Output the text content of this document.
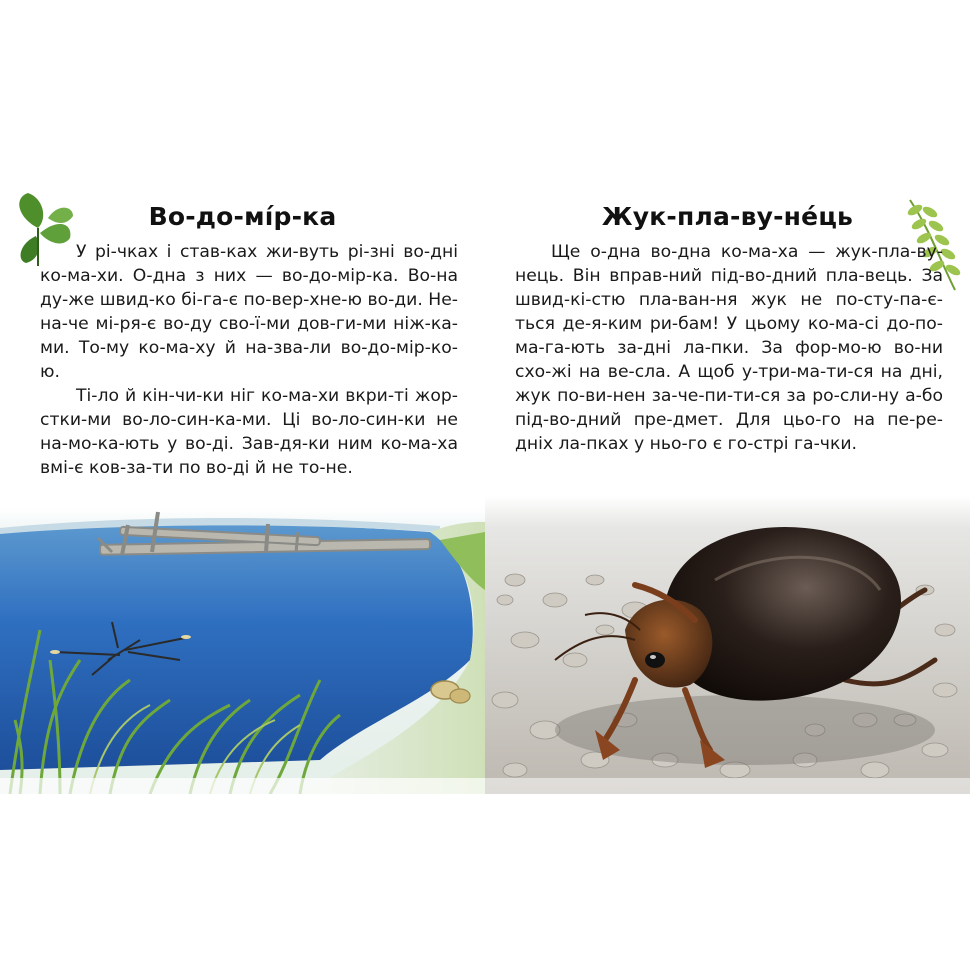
Во-до-мі́р-ка

У рі-чках і став-ках жи-вуть рі-зні во-дні ко-ма-хи. О-дна з них — во-до-мір-ка. Во-на ду-же швид-ко бі-га-є по-вер-хне-ю во-ди. Не-на-че мі-ря-є во-ду сво-ї-ми дов-ги-ми ніж-ка-ми. То-му ко-ма-ху й на-зва-ли во-до-мір-ко-ю.

Ті-ло й кін-чи-ки ніг ко-ма-хи вкри-ті жор-стки-ми во-ло-син-ка-ми. Ці во-ло-син-ки не на-мо-ка-ють у во-ді. Зав-дя-ки ним ко-ма-ха вмі-є ков-за-ти по во-ді й не то-не.

Жук-пла-ву-не́ць

Ще о-дна во-дна ко-ма-ха — жук-пла-ву-нець. Він вправ-ний під-во-дний пла-вець. За швид-кі-стю пла-ван-ня жук не по-сту-па-є-ться де-я-ким ри-бам! У цьому ко-ма-сі до-по-ма-га-ють за-дні ла-пки. За фор-мо-ю во-ни схо-жі на ве-сла. А щоб у-три-ма-ти-ся на дні, жук по-ви-нен за-че-пи-ти-ся за ро-сли-ну а-бо під-во-дний пре-дмет. Для цьо-го на пе-ре-дніх ла-пках у ньо-го є го-стрі га-чки.
